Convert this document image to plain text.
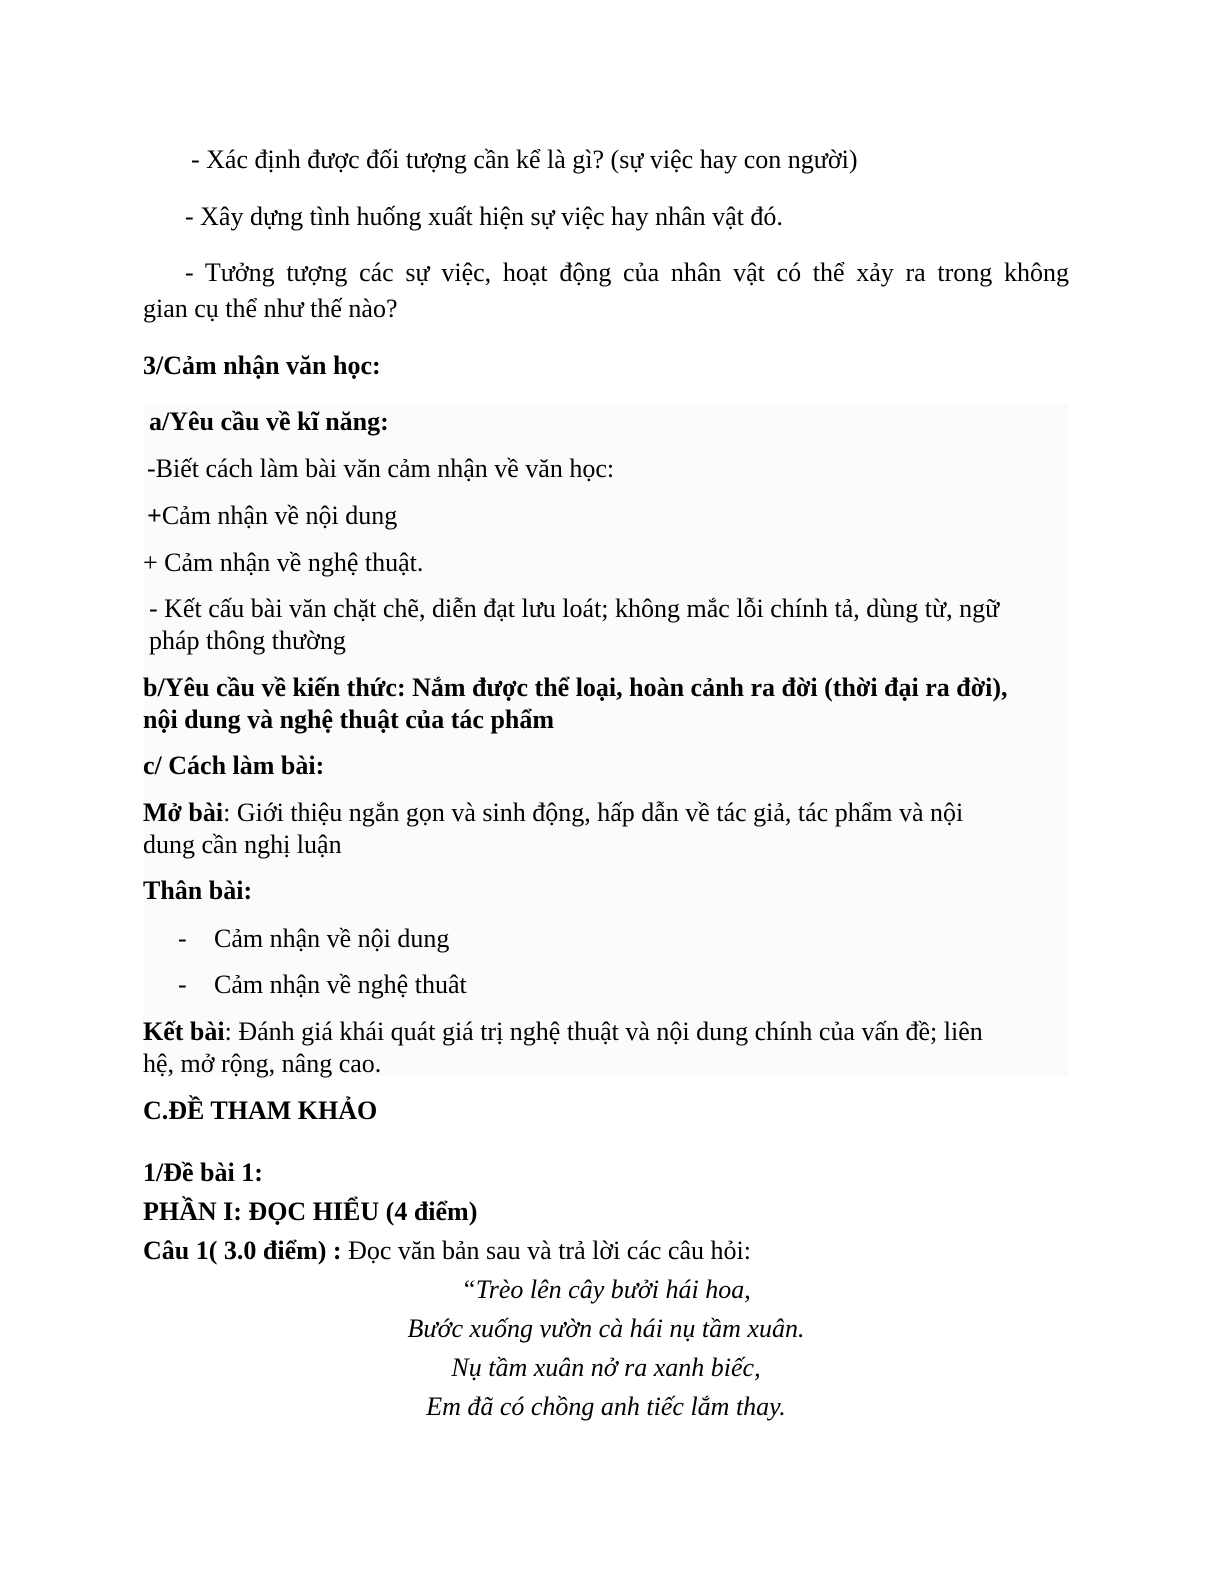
- Xác định được đối tượng cần kể là gì? (sự việc hay con người)
- Xây dựng tình huống xuất hiện sự việc hay nhân vật đó.
- Tưởng tượng các sự việc, hoạt động của nhân vật có thể xảy ra trong không
gian cụ thể như thế nào?
3/Cảm nhận văn học:
a/Yêu cầu về kĩ năng:
-Biết cách làm bài văn cảm nhận về văn học:
+Cảm nhận về nội dung
+ Cảm nhận về nghệ thuật.
- Kết cấu bài văn chặt chẽ, diễn đạt lưu loát; không mắc lỗi chính tả, dùng từ, ngữ
pháp thông thường
b/Yêu cầu về kiến thức: Nắm được thể loại, hoàn cảnh ra đời (thời đại ra đời),
nội dung và nghệ thuật của tác phẩm
c/ Cách làm bài:
Mở bài: Giới thiệu ngắn gọn và sinh động, hấp dẫn về tác giả, tác phẩm và nội
dung cần nghị luận
Thân bài:
- Cảm nhận về nội dung
- Cảm nhận về nghệ thuât
Kết bài: Đánh giá khái quát giá trị nghệ thuật và nội dung chính của vấn đề; liên
hệ, mở rộng, nâng cao.
C.ĐỀ THAM KHẢO
1/Đề bài 1:
PHẦN I: ĐỌC HIỂU (4 điểm)
Câu 1( 3.0 điểm) : Đọc văn bản sau và trả lời các câu hỏi:
“Trèo lên cây bưởi hái hoa,
Bước xuống vườn cà hái nụ tầm xuân.
Nụ tầm xuân nở ra xanh biếc,
Em đã có chồng anh tiếc lắm thay.
